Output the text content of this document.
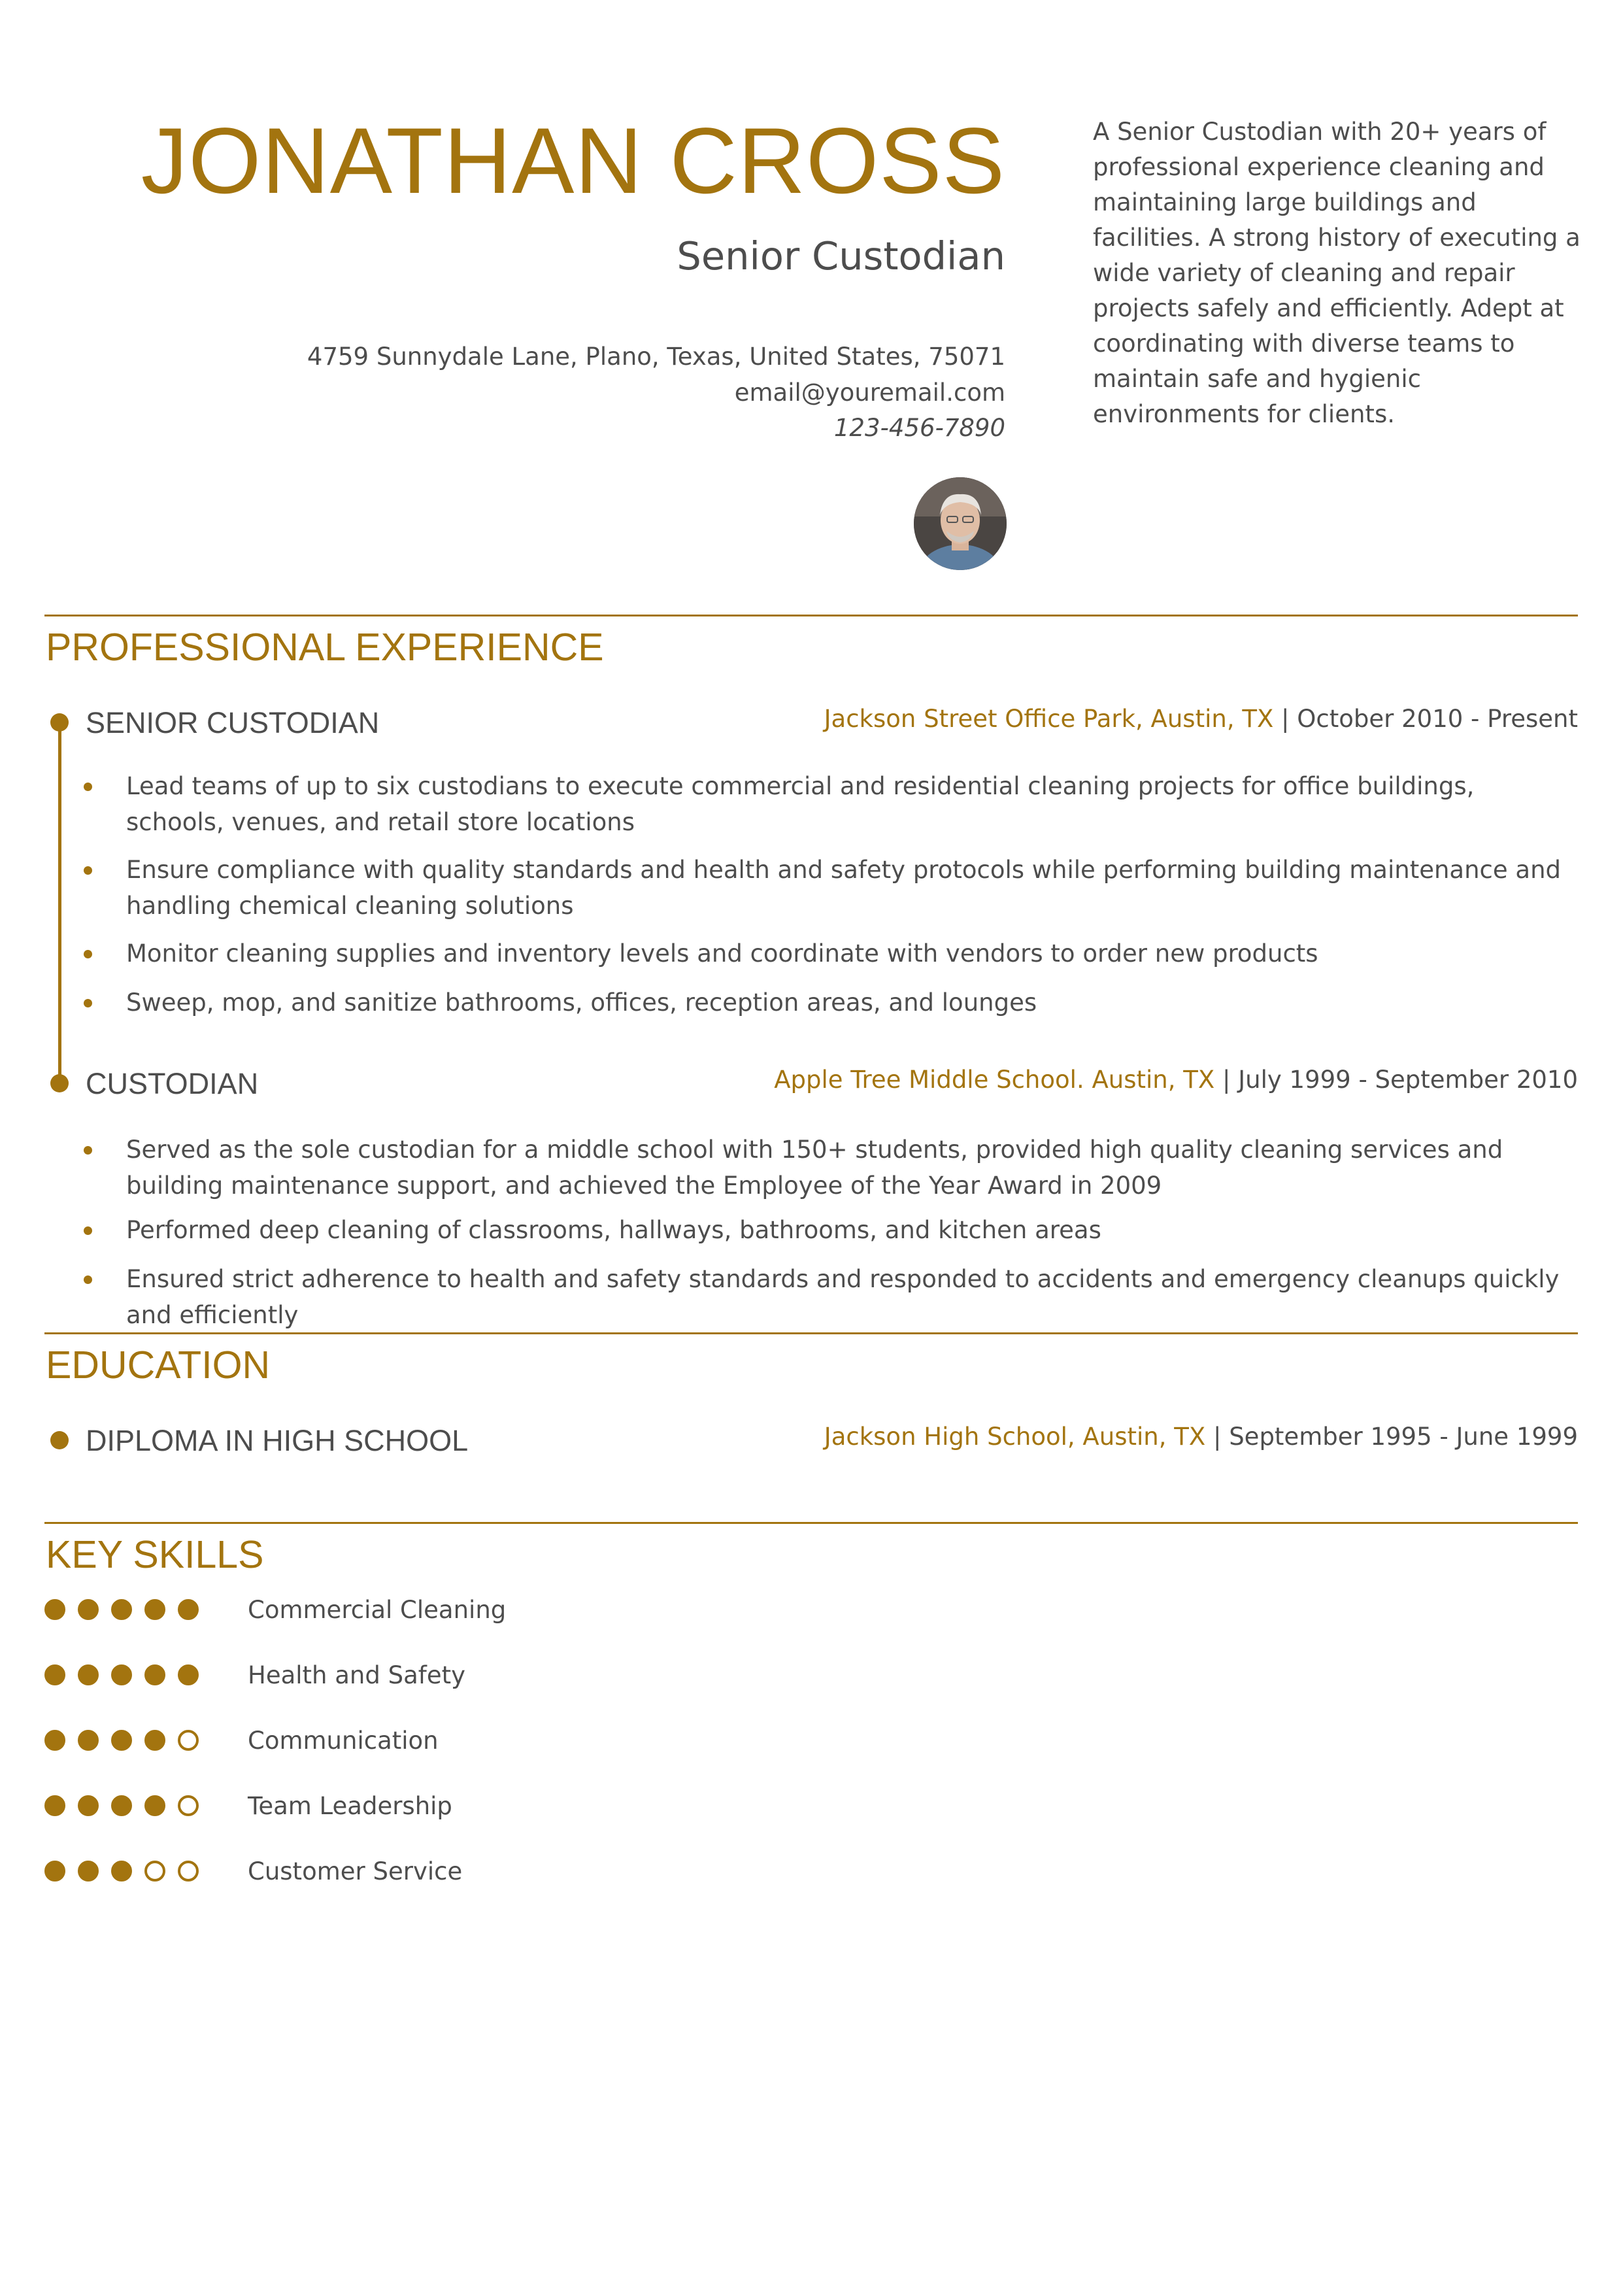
JONATHAN CROSS
Senior Custodian
4759 Sunnydale Lane, Plano, Texas, United States, 75071
email@youremail.com
123-456-7890
A Senior Custodian with 20+ years of professional experience cleaning and maintaining large buildings and facilities. A strong history of executing a wide variety of cleaning and repair projects safely and efficiently. Adept at coordinating with diverse teams to maintain safe and hygienic environments for clients.
PROFESSIONAL EXPERIENCE
SENIOR CUSTODIAN	Jackson Street Office Park, Austin, TX | October 2010 - Present
Lead teams of up to six custodians to execute commercial and residential cleaning projects for office buildings, schools, venues, and retail store locations
Ensure compliance with quality standards and health and safety protocols while performing building maintenance and handling chemical cleaning solutions
Monitor cleaning supplies and inventory levels and coordinate with vendors to order new products
Sweep, mop, and sanitize bathrooms, offices, reception areas, and lounges
CUSTODIAN	Apple Tree Middle School. Austin, TX | July 1999 - September 2010
Served as the sole custodian for a middle school with 150+ students, provided high quality cleaning services and building maintenance support, and achieved the Employee of the Year Award in 2009
Performed deep cleaning of classrooms, hallways, bathrooms, and kitchen areas
Ensured strict adherence to health and safety standards and responded to accidents and emergency cleanups quickly and efficiently
EDUCATION
DIPLOMA IN HIGH SCHOOL	Jackson High School, Austin, TX | September 1995 - June 1999
KEY SKILLS
Commercial Cleaning
Health and Safety
Communication
Team Leadership
Customer Service
